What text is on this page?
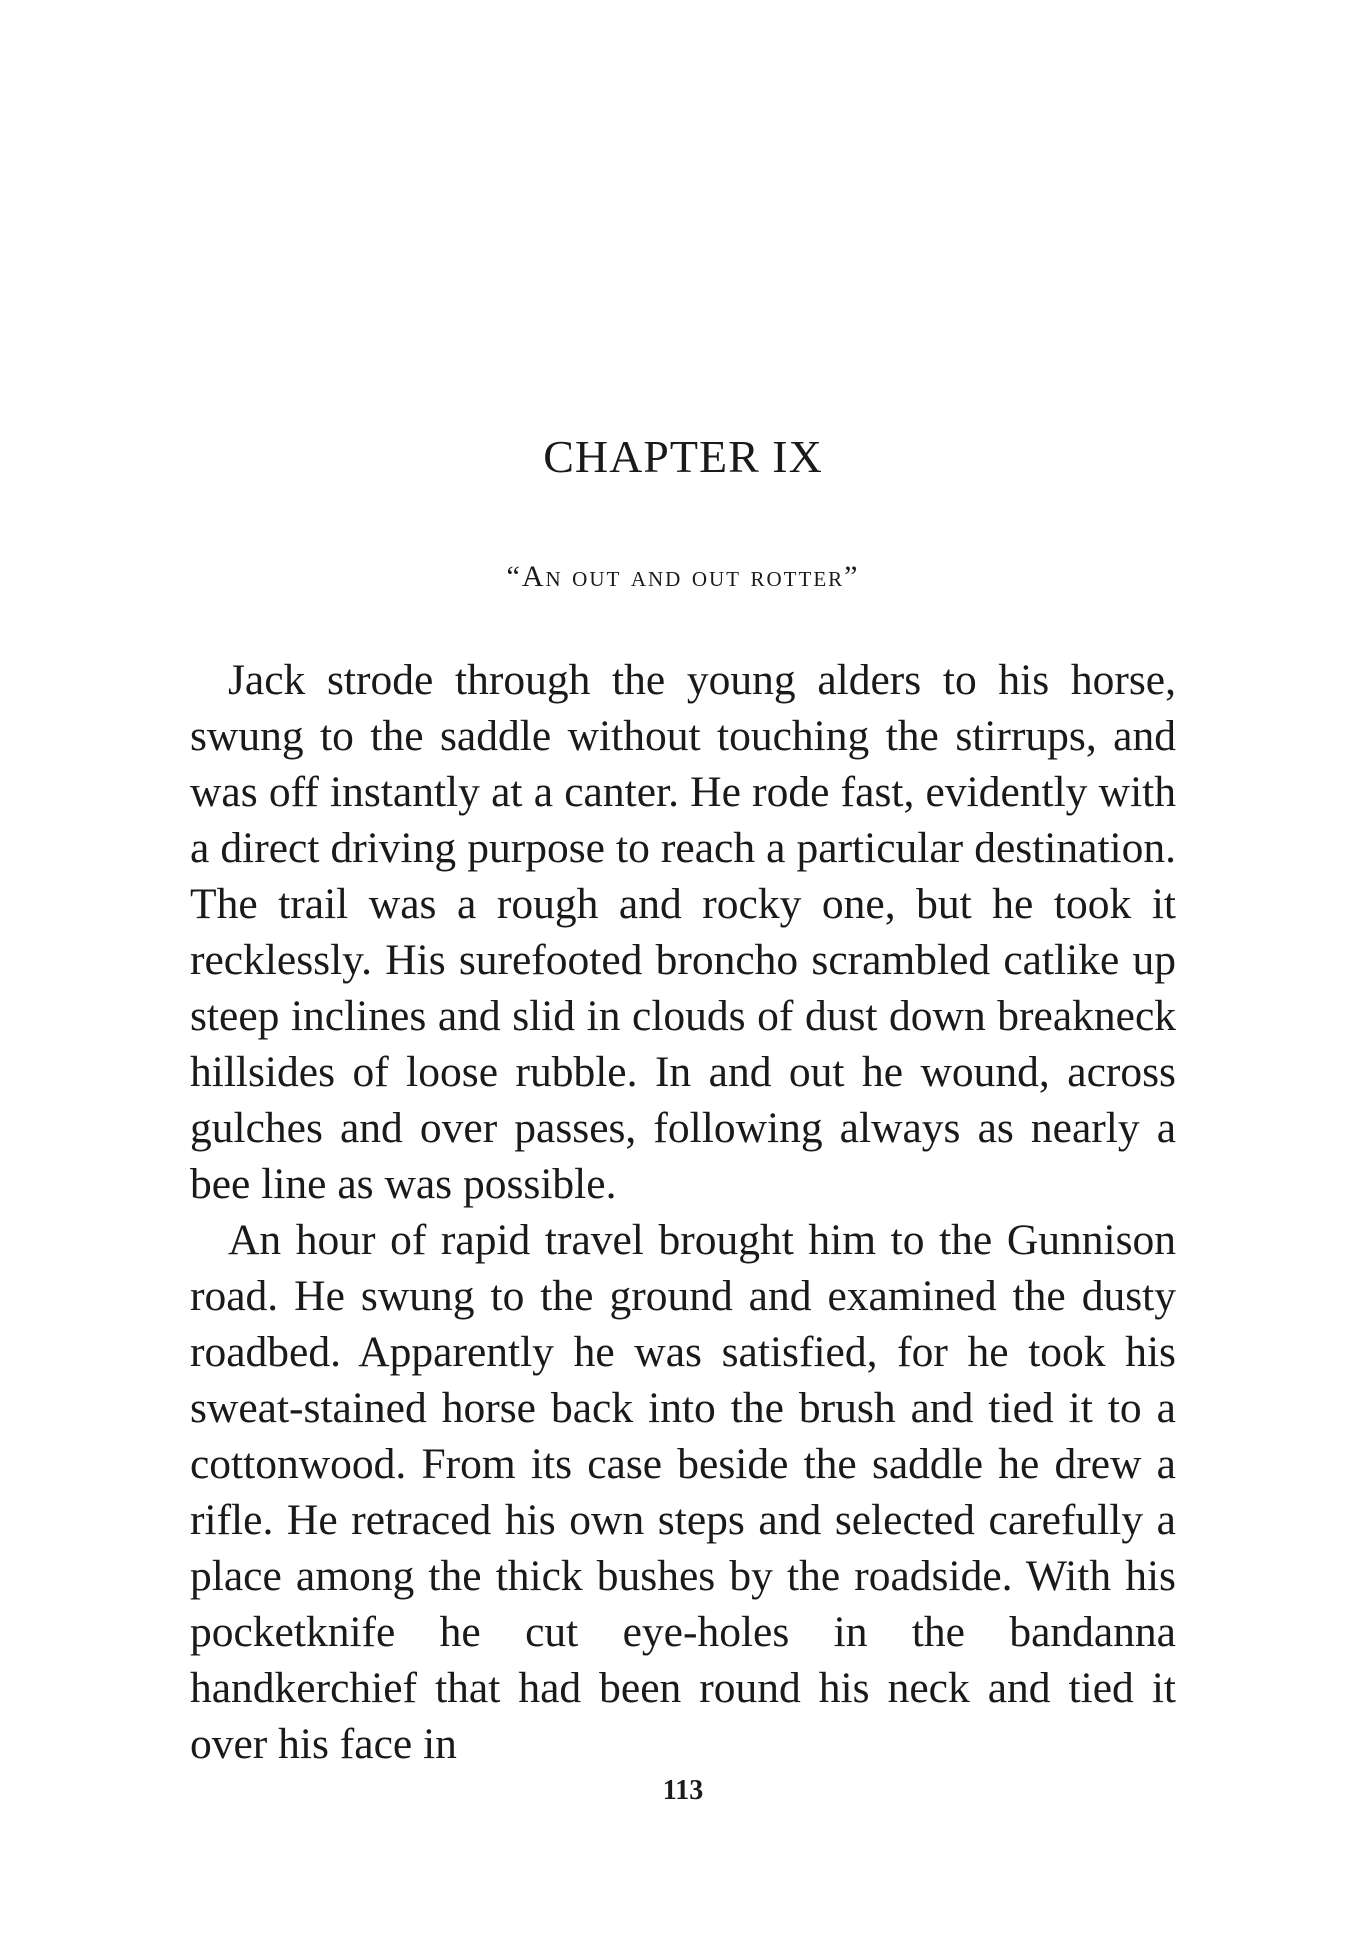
CHAPTER IX
“An out and out rotter”

Jack strode through the young alders to his horse, swung to the saddle without touching the stirrups, and was off instantly at a canter. He rode fast, evidently with a direct driving purpose to reach a particular destination. The trail was a rough and rocky one, but he took it recklessly. His surefooted broncho scrambled catlike up steep inclines and slid in clouds of dust down breakneck hillsides of loose rubble. In and out he wound, across gulches and over passes, following always as nearly a bee line as was possible.

An hour of rapid travel brought him to the Gunnison road. He swung to the ground and examined the dusty roadbed. Apparently he was satisfied, for he took his sweat-stained horse back into the brush and tied it to a cottonwood. From its case beside the saddle he drew a rifle. He retraced his own steps and selected carefully a place among the thick bushes by the roadside. With his pocketknife he cut eye-holes in the bandanna handkerchief that had been round his neck and tied it over his face in

113
